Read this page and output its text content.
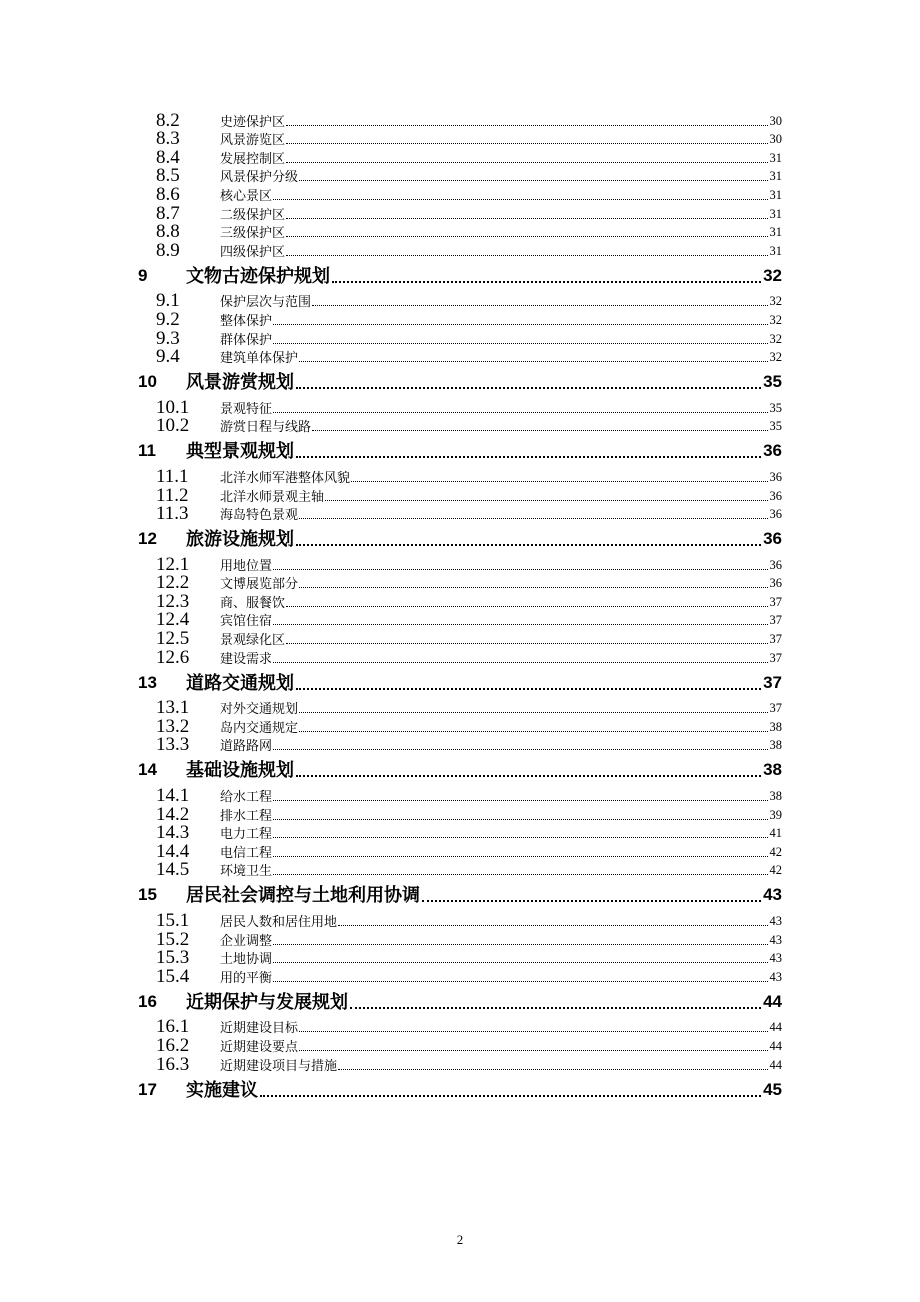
8.2	史迹保护区	30
8.3	风景游览区	30
8.4	发展控制区	31
8.5	风景保护分级	31
8.6	核心景区	31
8.7	二级保护区	31
8.8	三级保护区	31
8.9	四级保护区	31
9	文物古迹保护规划	32
9.1	保护层次与范围	32
9.2	整体保护	32
9.3	群体保护	32
9.4	建筑单体保护	32
10	风景游赏规划	35
10.1	景观特征	35
10.2	游赏日程与线路	35
11	典型景观规划	36
11.1	北洋水师军港整体风貌	36
11.2	北洋水师景观主轴	36
11.3	海岛特色景观	36
12	旅游设施规划	36
12.1	用地位置	36
12.2	文博展览部分	36
12.3	商、服餐饮	37
12.4	宾馆住宿	37
12.5	景观绿化区	37
12.6	建设需求	37
13	道路交通规划	37
13.1	对外交通规划	37
13.2	岛内交通规定	38
13.3	道路路网	38
14	基础设施规划	38
14.1	给水工程	38
14.2	排水工程	39
14.3	电力工程	41
14.4	电信工程	42
14.5	环境卫生	42
15	居民社会调控与土地利用协调	43
15.1	居民人数和居住用地	43
15.2	企业调整	43
15.3	土地协调	43
15.4	用的平衡	43
16	近期保护与发展规划	44
16.1	近期建设目标	44
16.2	近期建设要点	44
16.3	近期建设项目与措施	44
17	实施建议	45
2
